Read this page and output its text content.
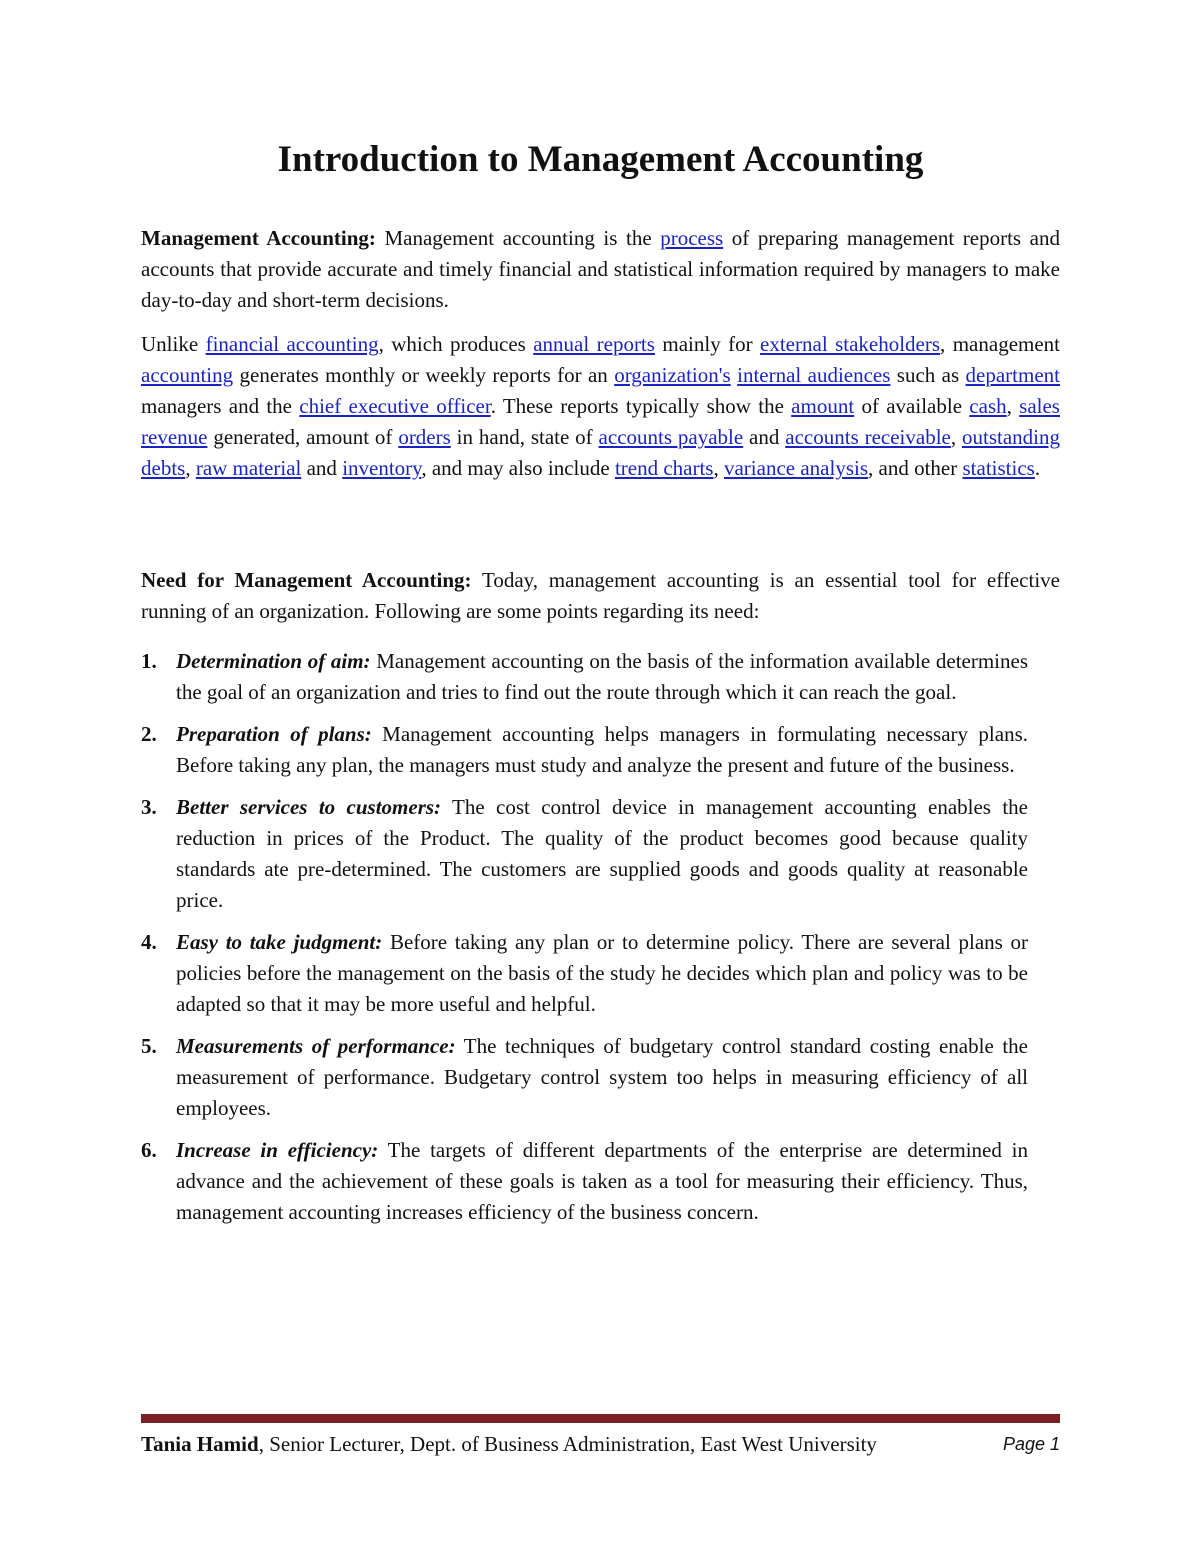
Introduction to Management Accounting

Management Accounting: Management accounting is the process of preparing management reports and accounts that provide accurate and timely financial and statistical information required by managers to make day-to-day and short-term decisions.

Unlike financial accounting, which produces annual reports mainly for external stakeholders, management accounting generates monthly or weekly reports for an organization's internal audiences such as department managers and the chief executive officer. These reports typically show the amount of available cash, sales revenue generated, amount of orders in hand, state of accounts payable and accounts receivable, outstanding debts, raw material and inventory, and may also include trend charts, variance analysis, and other statistics.

Need for Management Accounting: Today, management accounting is an essential tool for effective running of an organization. Following are some points regarding its need:

1. Determination of aim: Management accounting on the basis of the information available determines the goal of an organization and tries to find out the route through which it can reach the goal.
2. Preparation of plans: Management accounting helps managers in formulating necessary plans. Before taking any plan, the managers must study and analyze the present and future of the business.
3. Better services to customers: The cost control device in management accounting enables the reduction in prices of the Product. The quality of the product becomes good because quality standards ate pre-determined. The customers are supplied goods and goods quality at reasonable price.
4. Easy to take judgment: Before taking any plan or to determine policy. There are several plans or policies before the management on the basis of the study he decides which plan and policy was to be adapted so that it may be more useful and helpful.
5. Measurements of performance: The techniques of budgetary control standard costing enable the measurement of performance. Budgetary control system too helps in measuring efficiency of all employees.
6. Increase in efficiency: The targets of different departments of the enterprise are determined in advance and the achievement of these goals is taken as a tool for measuring their efficiency. Thus, management accounting increases efficiency of the business concern.
Tania Hamid, Senior Lecturer, Dept. of Business Administration, East West University	Page 1
